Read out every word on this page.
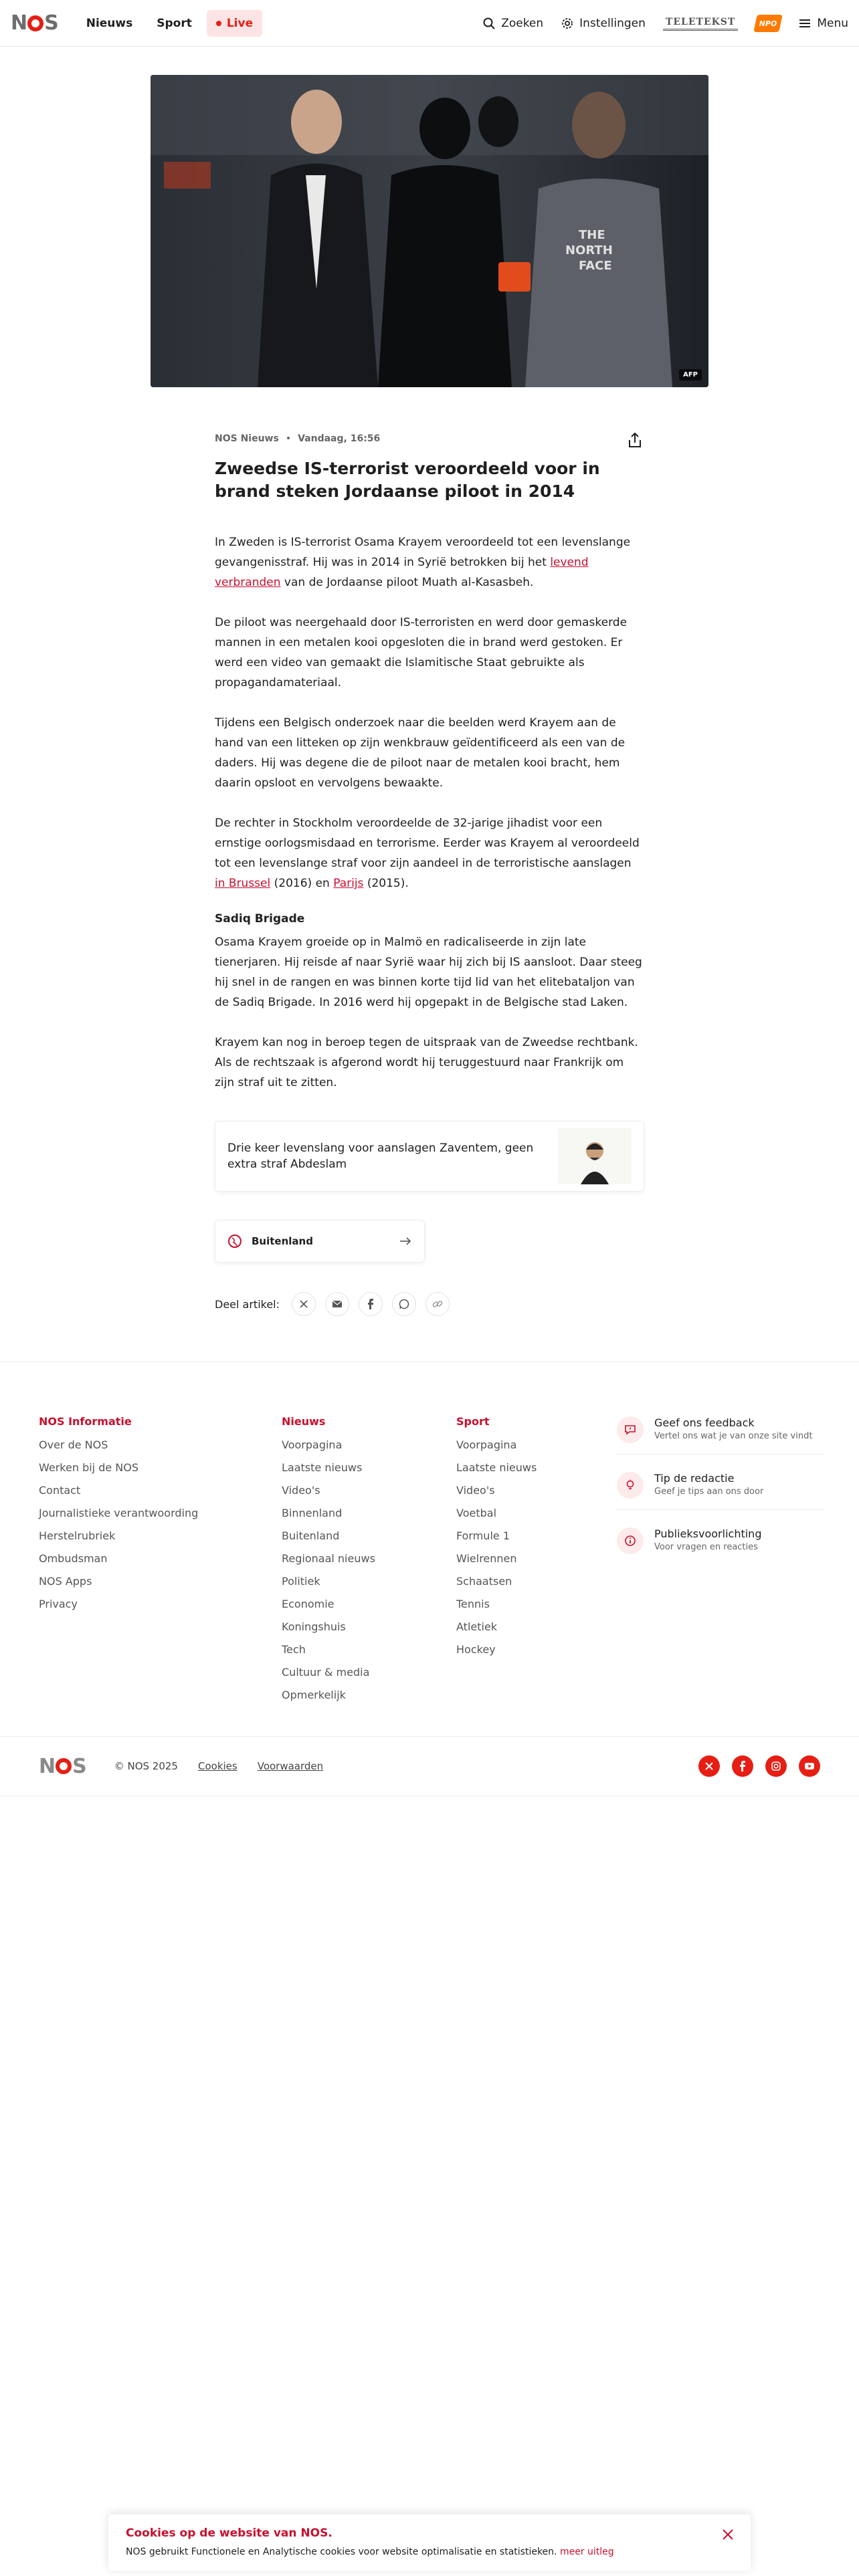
N S	Nieuws	Sport	Live	Zoeken	Instellingen TELETEKST	NPO	Menu
THE
NORTH
FACE
AFP
NOS Nieuws • Vandaag, 16:56
Zweedse IS-terrorist veroordeeld voor in brand steken Jordaanse piloot in 2014

In Zweden is IS-terrorist Osama Krayem veroordeeld tot een levenslange gevangenisstraf. Hij was in 2014 in Syrië betrokken bij het levend verbranden van de Jordaanse piloot Muath al-Kasasbeh.

De piloot was neergehaald door IS-terroristen en werd door gemaskerde mannen in een metalen kooi opgesloten die in brand werd gestoken. Er werd een video van gemaakt die Islamitische Staat gebruikte als propagandamateriaal.

Tijdens een Belgisch onderzoek naar die beelden werd Krayem aan de hand van een litteken op zijn wenkbrauw geïdentificeerd als een van de daders. Hij was degene die de piloot naar de metalen kooi bracht, hem daarin opsloot en vervolgens bewaakte.

De rechter in Stockholm veroordeelde de 32-jarige jihadist voor een ernstige oorlogsmisdaad en terrorisme. Eerder was Krayem al veroordeeld tot een levenslange straf voor zijn aandeel in de terroristische aanslagen in Brussel (2016) en Parijs (2015).

Sadiq Brigade

Osama Krayem groeide op in Malmö en radicaliseerde in zijn late tienerjaren. Hij reisde af naar Syrië waar hij zich bij IS aansloot. Daar steeg hij snel in de rangen en was binnen korte tijd lid van het elitebataljon van de Sadiq Brigade. In 2016 werd hij opgepakt in de Belgische stad Laken.

Krayem kan nog in beroep tegen de uitspraak van de Zweedse rechtbank. Als de rechtszaak is afgerond wordt hij teruggestuurd naar Frankrijk om zijn straf uit te zitten.

Drie keer levenslang voor aanslagen Zaventem, geen extra straf Abdeslam
Buitenland
Deel artikel:
NOS Informatie
Over de NOS
Werken bij de NOS
Contact
Journalistieke verantwoording
Herstelrubriek
Ombudsman
NOS Apps
Privacy
Nieuws
Voorpagina
Laatste nieuws
Video's
Binnenland
Buitenland
Regionaal nieuws
Politiek
Economie
Koningshuis
Tech
Cultuur & media
Opmerkelijk
Sport
Voorpagina
Laatste nieuws
Video's
Voetbal
Formule 1
Wielrennen
Schaatsen
Tennis
Atletiek
Hockey
Geef ons feedback
Vertel ons wat je van onze site vindt
Tip de redactie
Geef je tips aan ons door
Publieksvoorlichting
Voor vragen en reacties
N S	© NOS 2025 Cookies Voorwaarden
Cookies op de website van NOS.
NOS gebruikt Functionele en Analytische cookies voor website optimalisatie en statistieken. meer uitleg
